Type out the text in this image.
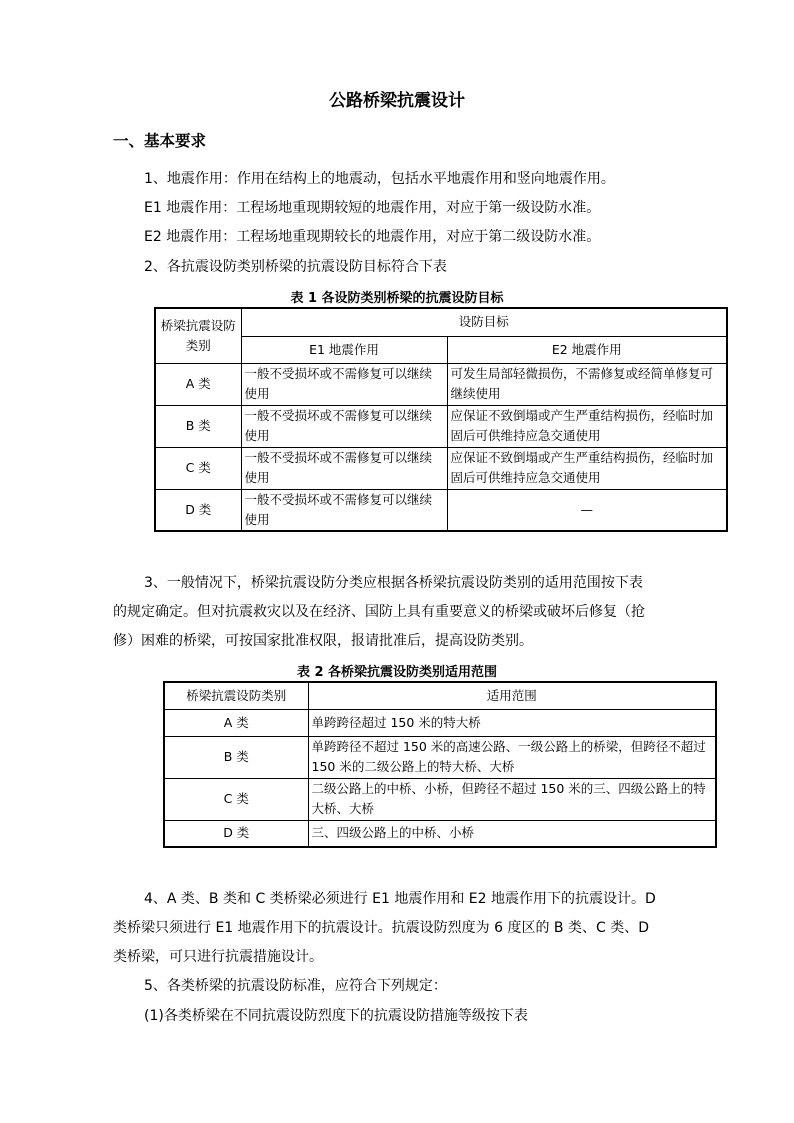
公路桥梁抗震设计
一、基本要求
1、地震作用：作用在结构上的地震动，包括水平地震作用和竖向地震作用。
E1 地震作用：工程场地重现期较短的地震作用，对应于第一级设防水准。
E2 地震作用：工程场地重现期较长的地震作用，对应于第二级设防水准。
2、各抗震设防类别桥梁的抗震设防目标符合下表
表 1 各设防类别桥梁的抗震设防目标
桥梁抗震设防类别	设防目标	
	E1 地震作用	E2 地震作用
A 类	一般不受损坏或不需修复可以继续使用	可发生局部轻微损伤，不需修复或经简单修复可继续使用
B 类	一般不受损坏或不需修复可以继续使用	应保证不致倒塌或产生严重结构损伤，经临时加固后可供维持应急交通使用
C 类	一般不受损坏或不需修复可以继续使用	应保证不致倒塌或产生严重结构损伤，经临时加固后可供维持应急交通使用
D 类	一般不受损坏或不需修复可以继续使用	—
3、一般情况下，桥梁抗震设防分类应根据各桥梁抗震设防类别的适用范围按下表
的规定确定。但对抗震救灾以及在经济、国防上具有重要意义的桥梁或破坏后修复（抢
修）困难的桥梁，可按国家批准权限，报请批准后，提高设防类别。
表 2 各桥梁抗震设防类别适用范围
桥梁抗震设防类别	适用范围
A 类	单跨跨径超过 150 米的特大桥
B 类	单跨跨径不超过 150 米的高速公路、一级公路上的桥梁，但跨径不超过 150 米的二级公路上的特大桥、大桥
C 类	二级公路上的中桥、小桥，但跨径不超过 150 米的三、四级公路上的特大桥、大桥
D 类	三、四级公路上的中桥、小桥
4、A 类、B 类和 C 类桥梁必须进行 E1 地震作用和 E2 地震作用下的抗震设计。D
类桥梁只须进行 E1 地震作用下的抗震设计。抗震设防烈度为 6 度区的 B 类、C 类、D
类桥梁，可只进行抗震措施设计。
5、各类桥梁的抗震设防标准，应符合下列规定：
(1)各类桥梁在不同抗震设防烈度下的抗震设防措施等级按下表
